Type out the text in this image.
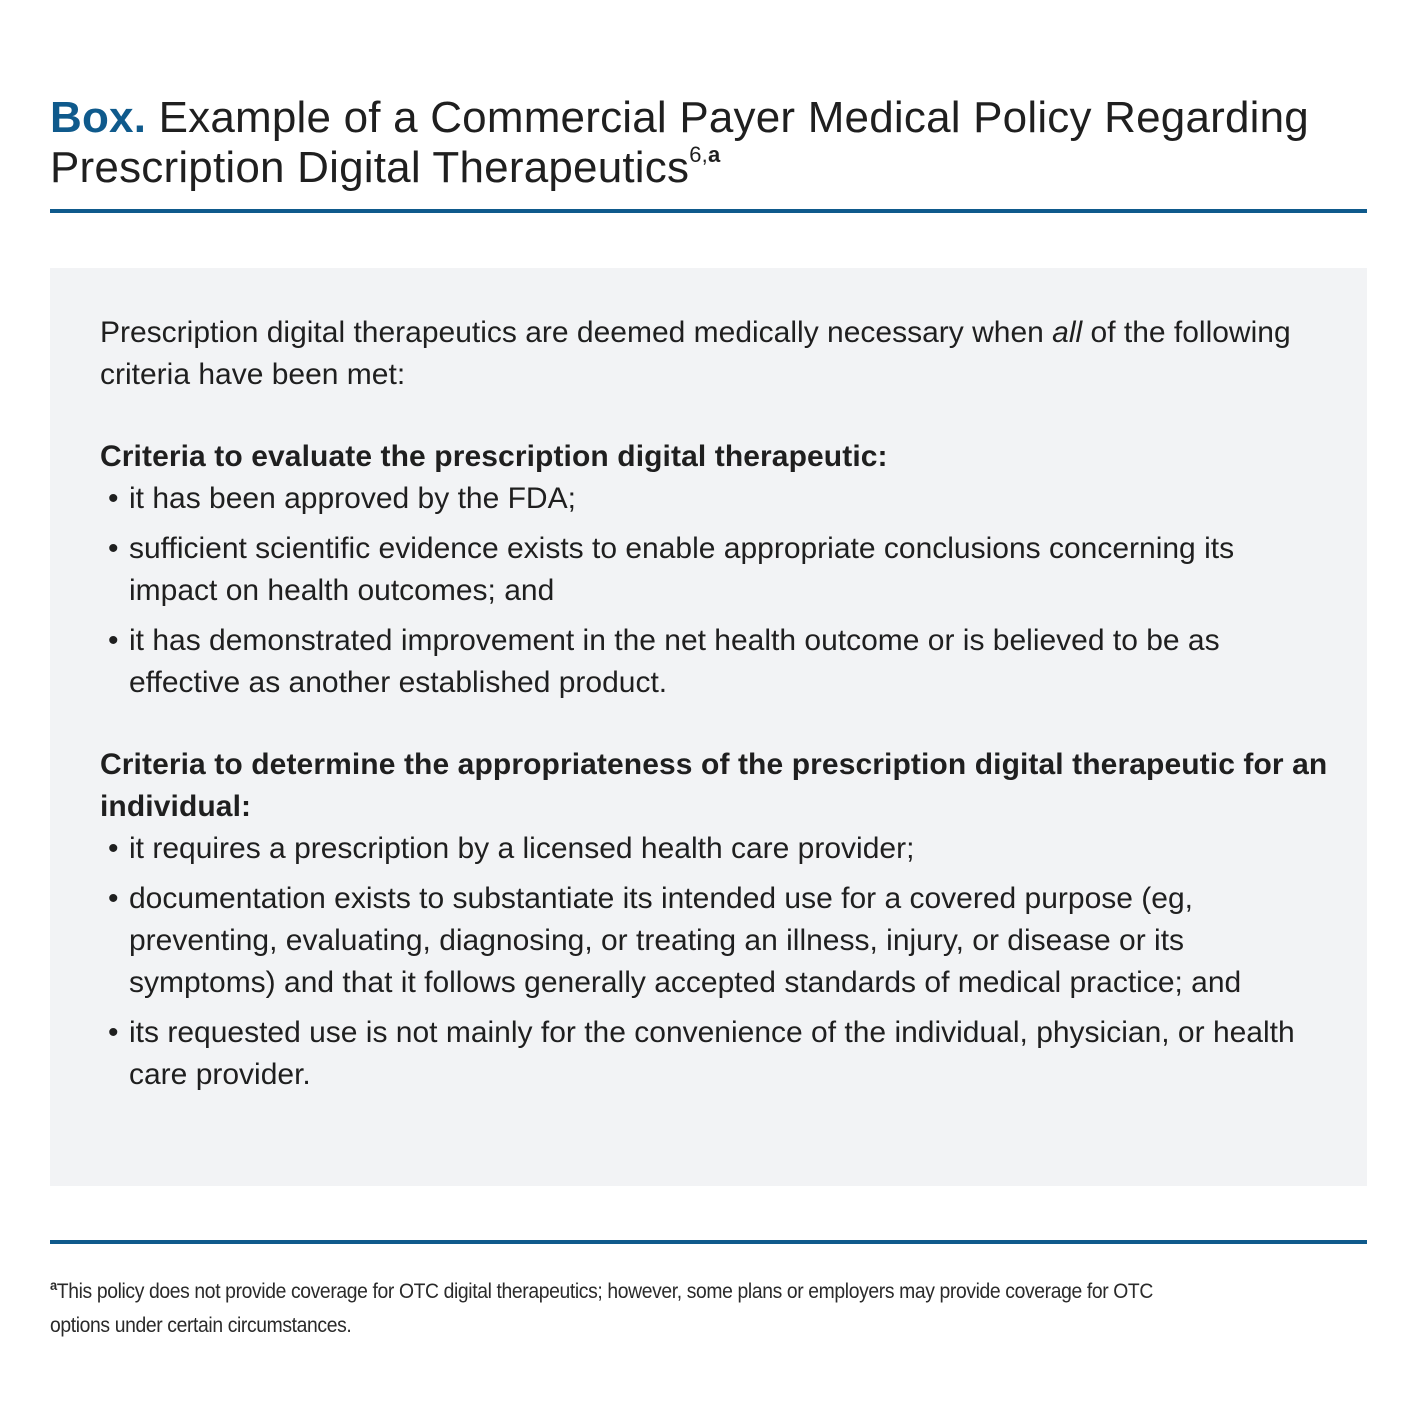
Box. Example of a Commercial Payer Medical Policy Regarding Prescription Digital Therapeutics$^{6,a}$

Prescription digital therapeutics are deemed medically necessary when all of the following criteria have been met:

Criteria to evaluate the prescription digital therapeutic:

• it has been approved by the FDA;
• sufficient scientific evidence exists to enable appropriate conclusions concerning its impact on health outcomes; and
• it has demonstrated improvement in the net health outcome or is believed to be as effective as another established product.

Criteria to determine the appropriateness of the prescription digital therapeutic for an individual:

• it requires a prescription by a licensed health care provider;
• documentation exists to substantiate its intended use for a covered purpose (eg, preventing, evaluating, diagnosing, or treating an illness, injury, or disease or its symptoms) and that it follows generally accepted standards of medical practice; and
• its requested use is not mainly for the convenience of the individual, physician, or health care provider.
$^a$This policy does not provide coverage for OTC digital therapeutics; however, some plans or employers may provide coverage for OTC options under certain circumstances.
